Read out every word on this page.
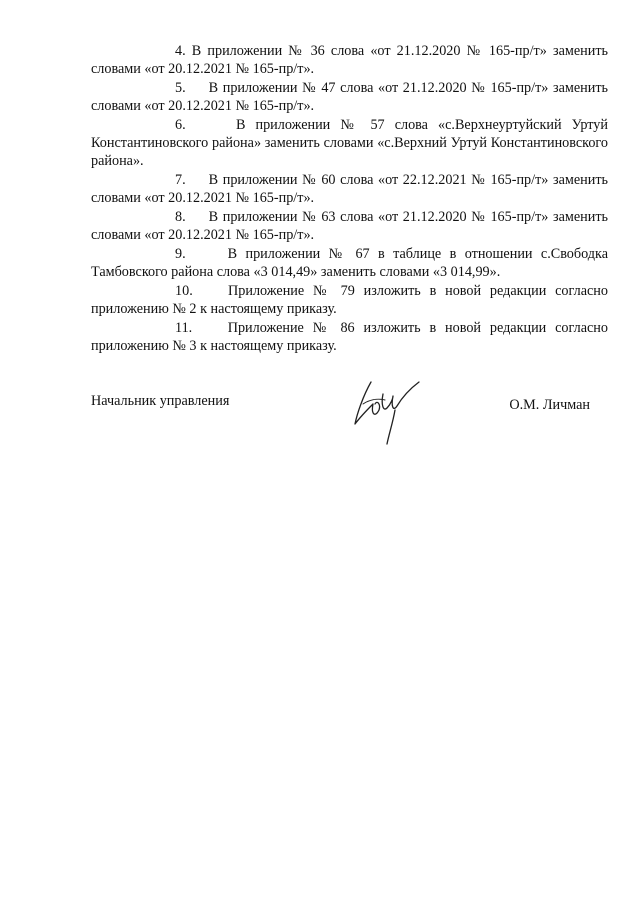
4. В приложении № 36 слова «от 21.12.2020 № 165-пр/т» заменить словами «от 20.12.2021 № 165-пр/т».

5. В приложении № 47 слова «от 21.12.2020 № 165-пр/т» заменить словами «от 20.12.2021 № 165-пр/т».

6.	В приложении № 57 слова «с.Верхнеуртуйский Уртуй Константиновского района» заменить словами «с.Верхний Уртуй Константиновского района».

7. В приложении № 60 слова «от 22.12.2021 № 165-пр/т» заменить словами «от 20.12.2021 № 165-пр/т».

8. В приложении № 63 слова «от 21.12.2020 № 165-пр/т» заменить словами «от 20.12.2021 № 165-пр/т».

9.	В приложении № 67 в таблице в отношении с.Свободка Тамбовского района слова «3 014,49» заменить словами «3 014,99».

10. Приложение № 79 изложить в новой редакции согласно приложению № 2 к настоящему приказу.

11. Приложение № 86 изложить в новой редакции согласно приложению № 3 к настоящему приказу.

Начальник управления	О.М. Личман
